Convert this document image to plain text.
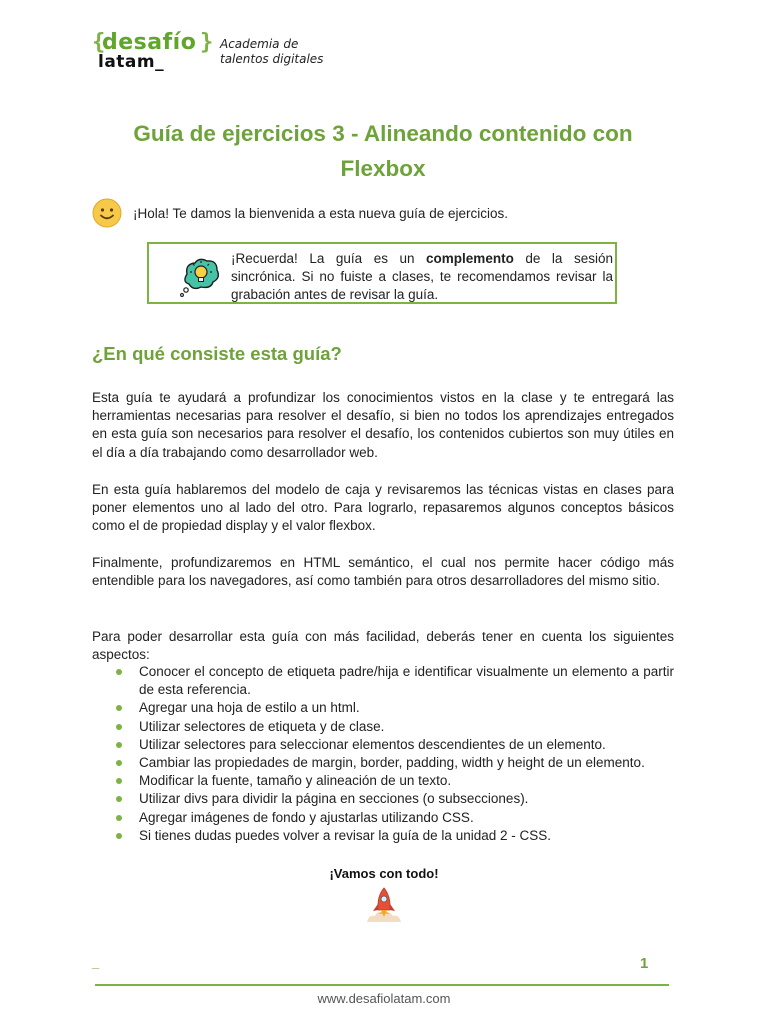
{
desafío }
latam_
Academia de
talentos digitales
Guía de ejercicios 3 - Alineando contenido con
Flexbox
¡Hola! Te damos la bienvenida a esta nueva guía de ejercicios.
¡Recuerda! La guía es un complemento de la sesión sincrónica. Si no fuiste a clases, te recomendamos revisar la grabación antes de revisar la guía.
¿En qué consiste esta guía?
Esta guía te ayudará a profundizar los conocimientos vistos en la clase y te entregará las herramientas necesarias para resolver el desafío, si bien no todos los aprendizajes entregados en esta guía son necesarios para resolver el desafío, los contenidos cubiertos son muy útiles en el día a día trabajando como desarrollador web.
En esta guía hablaremos del modelo de caja y revisaremos las técnicas vistas en clases para poner elementos uno al lado del otro. Para lograrlo, repasaremos algunos conceptos básicos como el de propiedad display y el valor flexbox.
Finalmente, profundizaremos en HTML semántico, el cual nos permite hacer código más entendible para los navegadores, así como también para otros desarrolladores del mismo sitio.
Para poder desarrollar esta guía con más facilidad, deberás tener en cuenta los siguientes aspectos:
Conocer el concepto de etiqueta padre/hija e identificar visualmente un elemento a partir de esta referencia.
Agregar una hoja de estilo a un html.
Utilizar selectores de etiqueta y de clase.
Utilizar selectores para seleccionar elementos descendientes de un elemento.
Cambiar las propiedades de margin, border, padding, width y height de un elemento.
Modificar la fuente, tamaño y alineación de un texto.
Utilizar divs para dividir la página en secciones (o subsecciones).
Agregar imágenes de fondo y ajustarlas utilizando CSS.
Si tienes dudas puedes volver a revisar la guía de la unidad 2 - CSS.
¡Vamos con todo!
_	1
www.desafiolatam.com
